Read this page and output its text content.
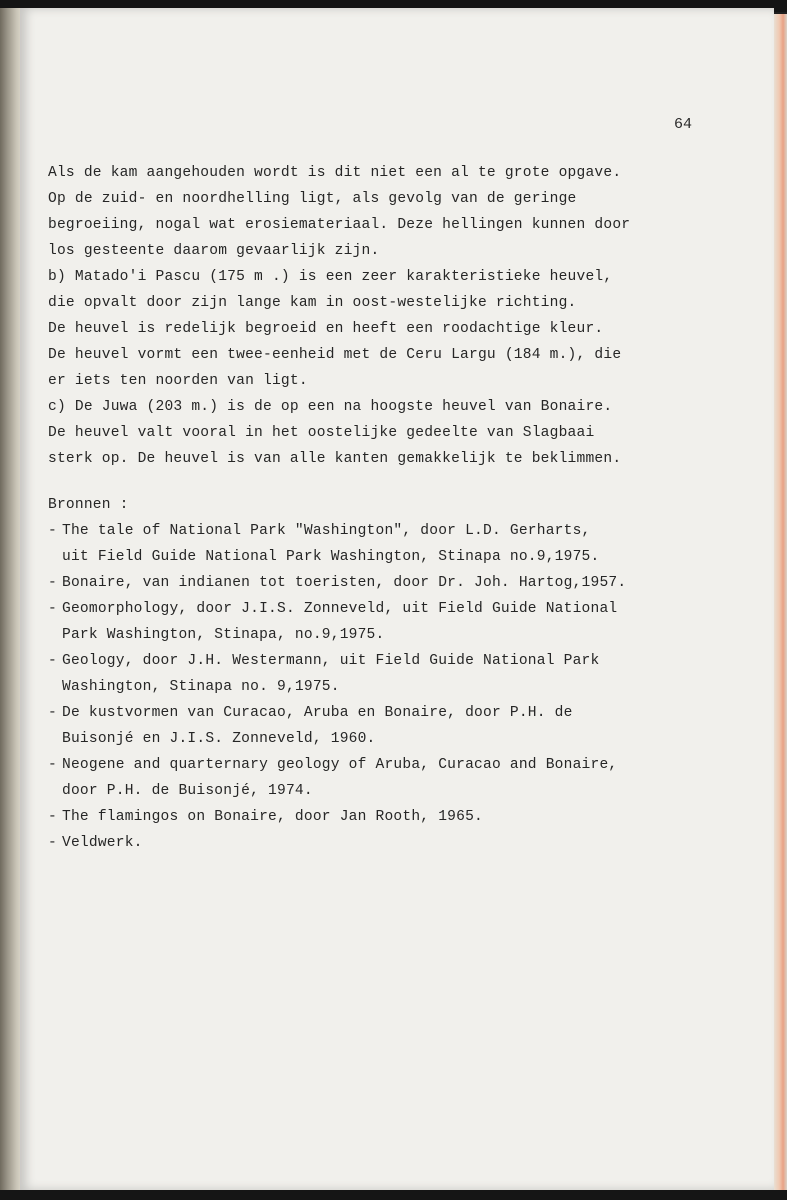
64
Als de kam aangehouden wordt is dit niet een al te grote opgave.
Op de zuid- en noordhelling ligt, als gevolg van de geringe
begroeiing, nogal wat erosiemateriaal. Deze hellingen kunnen door
los gesteente daarom gevaarlijk zijn.
b) Matado'i Pascu (175 m .) is een zeer karakteristieke heuvel,
die opvalt door zijn lange kam in oost-westelijke richting.
De heuvel is redelijk begroeid en heeft een roodachtige kleur.
De heuvel vormt een twee-eenheid met de Ceru Largu (184 m.), die
er iets ten noorden van ligt.
c) De Juwa (203 m.) is de op een na hoogste heuvel van Bonaire.
De heuvel valt vooral in het oostelijke gedeelte van Slagbaai
sterk op. De heuvel is van alle kanten gemakkelijk te beklimmen.
Bronnen :
- The tale of National Park "Washington", door L.D. Gerharts,
uit Field Guide National Park Washington, Stinapa no.9,1975.
- Bonaire, van indianen tot toeristen, door Dr. Joh. Hartog,1957.
- Geomorphology, door J.I.S. Zonneveld, uit Field Guide National
Park Washington, Stinapa, no.9,1975.
- Geology, door J.H. Westermann, uit Field Guide National Park
Washington, Stinapa no. 9,1975.
- De kustvormen van Curacao, Aruba en Bonaire, door P.H. de
Buisonjé en J.I.S. Zonneveld, 1960.
- Neogene and quarternary geology of Aruba, Curacao and Bonaire,
door P.H. de Buisonjé, 1974.
- The flamingos on Bonaire, door Jan Rooth, 1965.
- Veldwerk.
